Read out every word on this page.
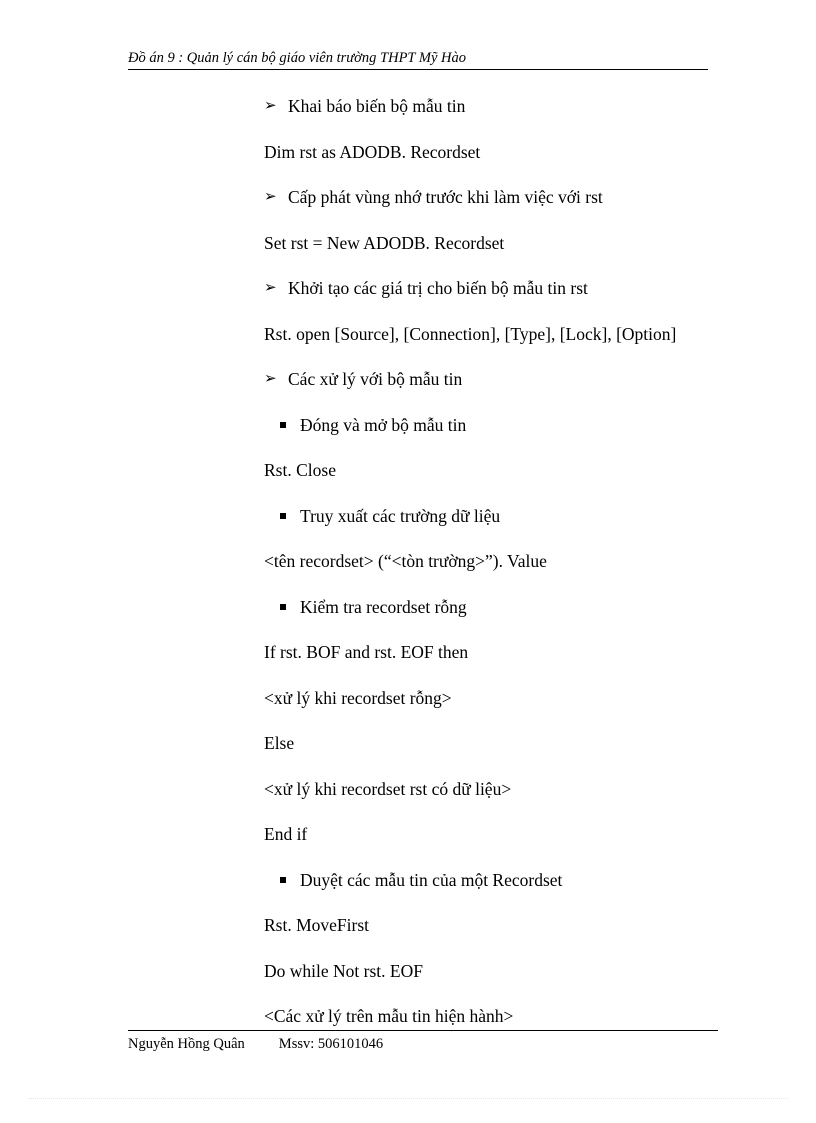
Đồ án 9 : Quản lý cán bộ giáo viên trường THPT Mỹ Hào
➢ Khai báo biến bộ mẫu tin
Dim rst as ADODB. Recordset
➢ Cấp phát vùng nhớ trước khi làm việc với rst
Set rst = New ADODB. Recordset
➢ Khởi tạo các giá trị cho biến bộ mẫu tin rst
Rst. open [Source], [Connection], [Type], [Lock], [Option]
➢ Các xử lý với bộ mẫu tin
Đóng và mở bộ mẫu tin
Rst. Close
Truy xuất các trường dữ liệu
<tên recordset> (“<tòn trường>”). Value
Kiểm tra recordset rỗng
If rst. BOF and rst. EOF then
<xử lý khi recordset rỗng>
Else
<xử lý khi recordset rst có dữ liệu>
End if
Duyệt các mẫu tin của một Recordset
Rst. MoveFirst
Do while Not rst. EOF
<Các xử lý trên mẫu tin hiện hành>
Nguyễn Hồng Quân Mssv: 506101046
